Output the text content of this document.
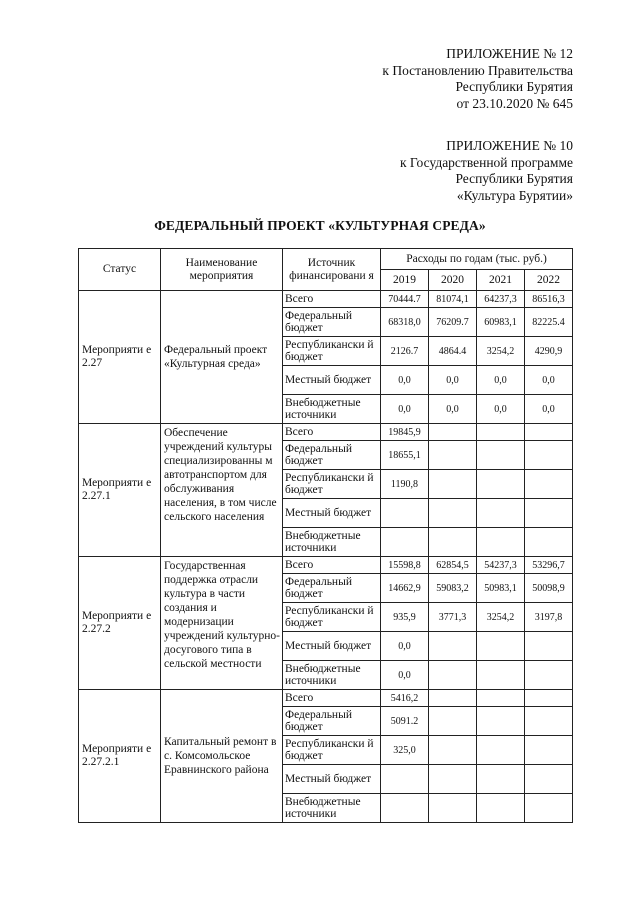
ПРИЛОЖЕНИЕ № 12
к Постановлению Правительства
Республики Бурятия
от 23.10.2020 № 645
ПРИЛОЖЕНИЕ № 10
к Государственной программе
Республики Бурятия
«Культура Бурятии»
ФЕДЕРАЛЬНЫЙ ПРОЕКТ «КУЛЬТУРНАЯ СРЕДА»
Статус	Наименование мероприятия	Источник финансировани я	Расходы по годам (тыс. руб.)			
			2019	2020	2021	2022
Мероприяти е 2.27	Федеральный проект «Культурная среда»	Всего	70444.7	81074,1	64237,3	86516,3
		Федеральный бюджет	68318,0	76209.7	60983,1	82225.4
		Республикански й бюджет	2126.7	4864.4	3254,2	4290,9
		Местный бюджет	0,0	0,0	0,0	0,0
		Внебюджетные источники	0,0	0,0	0,0	0,0
Мероприяти е 2.27.1	Обеспечение учреждений культуры специализированны м автотранспортом для обслуживания населения, в том числе сельского населения	Всего	19845,9			
		Федеральный бюджет	18655,1			
		Республикански й бюджет	1190,8			
		Местный бюджет				
		Внебюджетные источники				
Мероприяти е 2.27.2	Государственная поддержка отрасли культура в части создания и модернизации учреждений культурно- досугового типа в сельской местности	Всего	15598,8	62854,5	54237,3	53296,7
		Федеральный бюджет	14662,9	59083,2	50983,1	50098,9
		Республикански й бюджет	935,9	3771,3	3254,2	3197,8
		Местный бюджет	0,0			
		Внебюджетные источники	0,0			
Мероприяти е 2.27.2.1	Капитальный ремонт в с. Комсомольское Еравнинского района	Всего	5416,2			
		Федеральный бюджет	5091.2			
		Республикански й бюджет	325,0			
		Местный бюджет				
		Внебюджетные источники				
